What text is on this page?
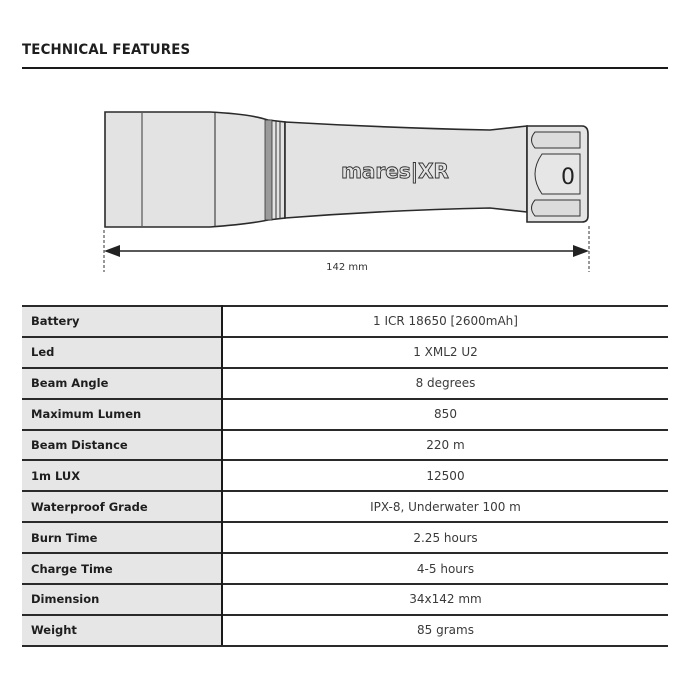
TECHNICAL FEATURES
mares|XR	0
142 mm
Battery	1 ICR 18650 [2600mAh]
Led	1 XML2 U2
Beam Angle	8 degrees
Maximum Lumen	850
Beam Distance	220 m
1m LUX	12500
Waterproof Grade	IPX-8, Underwater 100 m
Burn Time	2.25 hours
Charge Time	4-5 hours
Dimension	34x142 mm
Weight	85 grams
